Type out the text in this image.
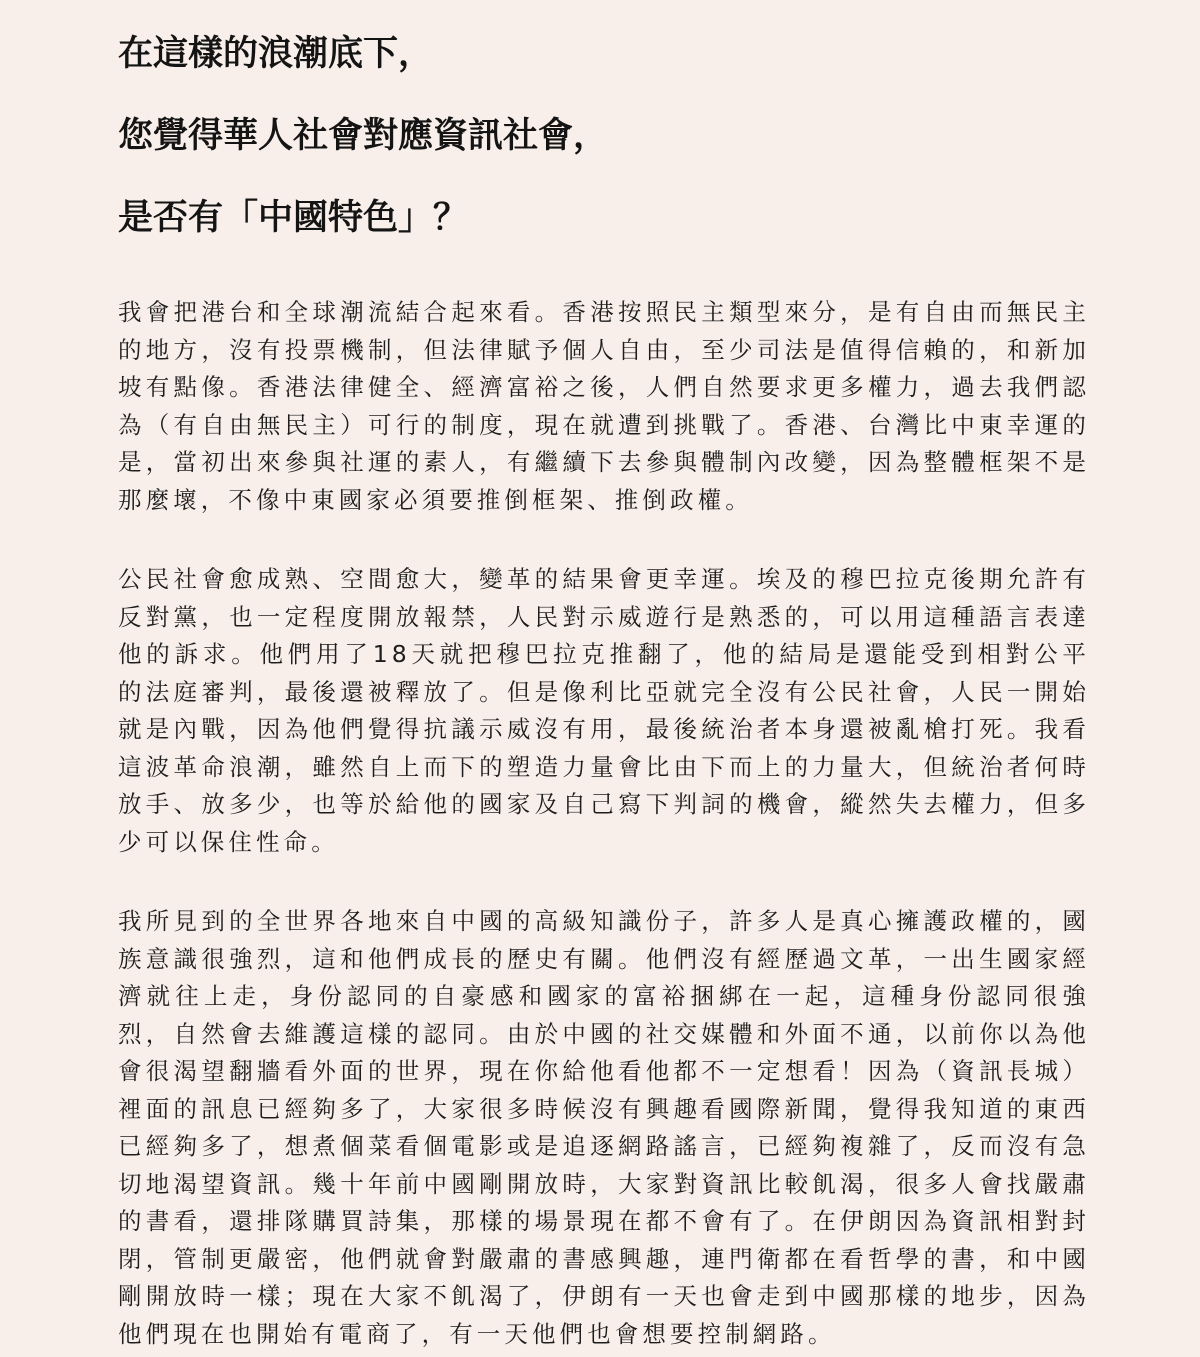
在這樣的浪潮底下，
您覺得華人社會對應資訊社會，
是否有「中國特色」？

我會把港台和全球潮流結合起來看。香港按照民主類型來分，是有自由而無民主的地方，沒有投票機制，但法律賦予個人自由，至少司法是值得信賴的，和新加坡有點像。香港法律健全、經濟富裕之後，人們自然要求更多權力，過去我們認為（有自由無民主）可行的制度，現在就遭到挑戰了。香港、台灣比中東幸運的是，當初出來參與社運的素人，有繼續下去參與體制內改變，因為整體框架不是那麼壞，不像中東國家必須要推倒框架、推倒政權。

公民社會愈成熟、空間愈大，變革的結果會更幸運。埃及的穆巴拉克後期允許有反對黨，也一定程度開放報禁，人民對示威遊行是熟悉的，可以用這種語言表達他的訴求。他們用了18天就把穆巴拉克推翻了，他的結局是還能受到相對公平的法庭審判，最後還被釋放了。但是像利比亞就完全沒有公民社會，人民一開始就是內戰，因為他們覺得抗議示威沒有用，最後統治者本身還被亂槍打死。我看這波革命浪潮，雖然自上而下的塑造力量會比由下而上的力量大，但統治者何時放手、放多少，也等於給他的國家及自己寫下判詞的機會，縱然失去權力，但多少可以保住性命。

我所見到的全世界各地來自中國的高級知識份子，許多人是真心擁護政權的，國族意識很強烈，這和他們成長的歷史有關。他們沒有經歷過文革，一出生國家經濟就往上走，身份認同的自豪感和國家的富裕捆綁在一起，這種身份認同很強烈，自然會去維護這樣的認同。由於中國的社交媒體和外面不通，以前你以為他會很渴望翻牆看外面的世界，現在你給他看他都不一定想看！因為（資訊長城）裡面的訊息已經夠多了，大家很多時候沒有興趣看國際新聞，覺得我知道的東西已經夠多了，想煮個菜看個電影或是追逐網路謠言，已經夠複雜了，反而沒有急切地渴望資訊。幾十年前中國剛開放時，大家對資訊比較飢渴，很多人會找嚴肅的書看，還排隊購買詩集，那樣的場景現在都不會有了。在伊朗因為資訊相對封閉，管制更嚴密，他們就會對嚴肅的書感興趣，連門衛都在看哲學的書，和中國剛開放時一樣；現在大家不飢渴了，伊朗有一天也會走到中國那樣的地步，因為他們現在也開始有電商了，有一天他們也會想要控制網路。
